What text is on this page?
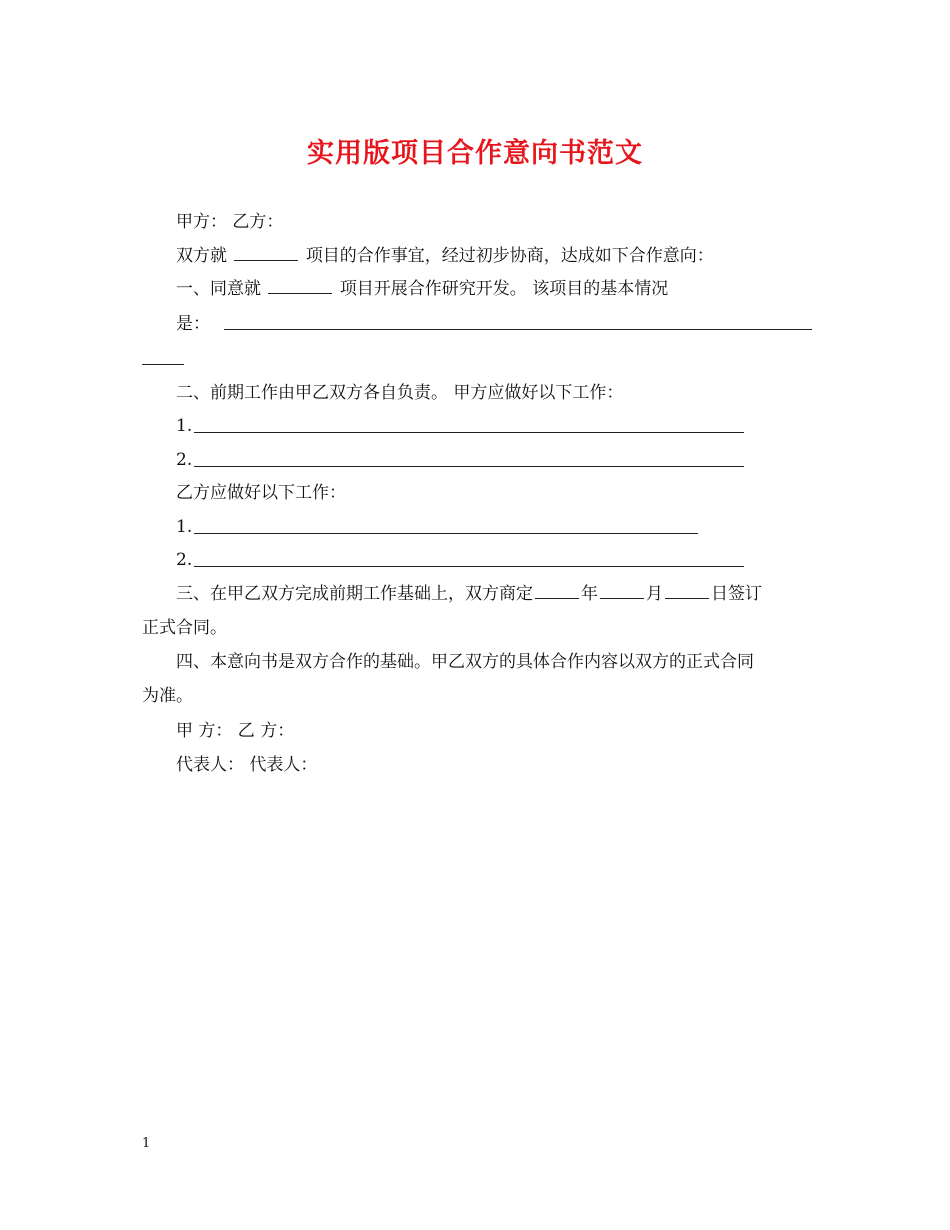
实用版项目合作意向书范文
甲方： 乙方：
双方就	项目的合作事宜，经过初步协商，达成如下合作意向：
一、同意就	项目开展合作研究开发。 该项目的基本情况
是：
二、前期工作由甲乙双方各自负责。 甲方应做好以下工作：
1.
2.
乙方应做好以下工作：
1.
2.
三、在甲乙双方完成前期工作基础上，双方商定	年	月	日签订
正式合同。
四、本意向书是双方合作的基础。甲乙双方的具体合作内容以双方的正式合同
为准。
甲 方： 乙 方：
代表人： 代表人：
1
